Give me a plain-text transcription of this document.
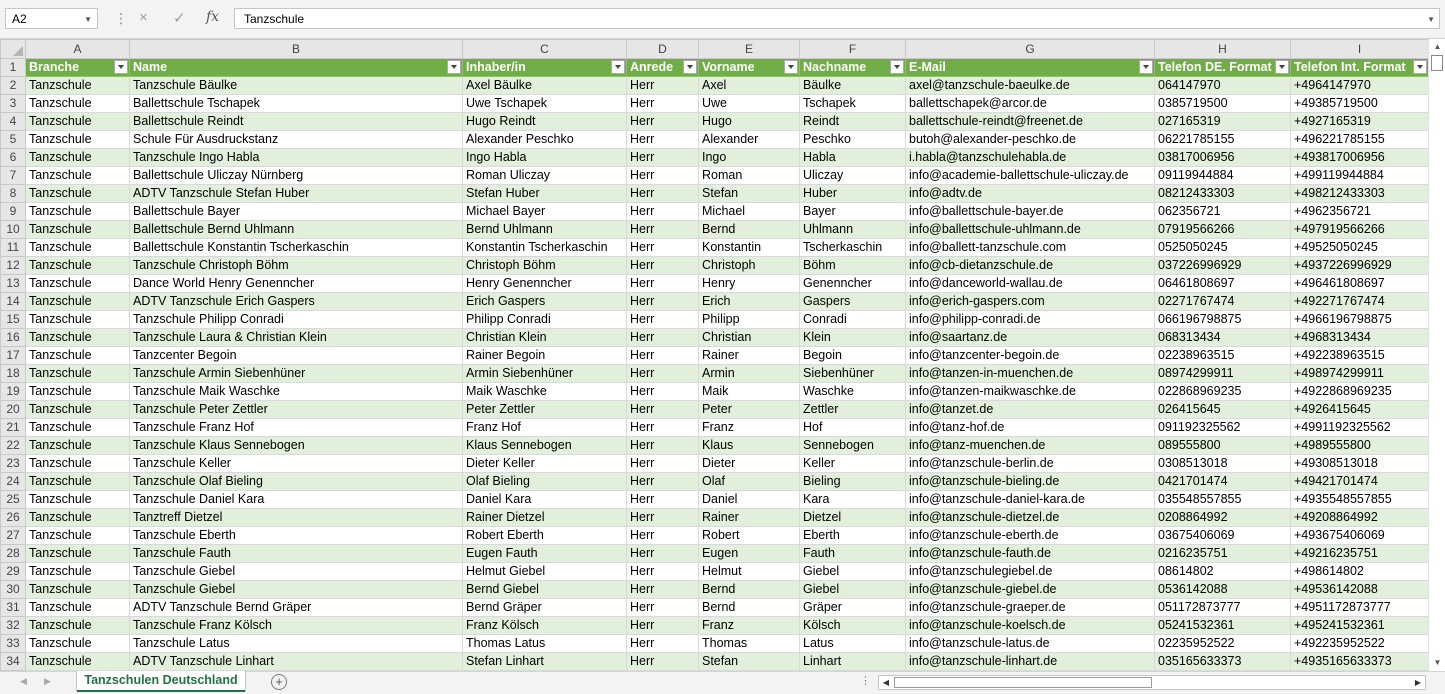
A2	▼ ⋮ × ✓ fx	Tanzschule	▼
	A	B	C	D	E	F	G	H	I
1	Branche	Name	Inhaber/in	Anrede	Vorname	Nachname	E-Mail	Telefon DE. Format	Telefon Int. Format

2	Tanzschule	Tanzschule Bäulke	Axel Bäulke	Herr	Axel	Bäulke	axel@tanzschule-baeulke.de	064147970	+4964147970
3	Tanzschule	Ballettschule Tschapek	Uwe Tschapek	Herr	Uwe	Tschapek	ballettschapek@arcor.de	0385719500	+49385719500
4	Tanzschule	Ballettschule Reindt	Hugo Reindt	Herr	Hugo	Reindt	ballettschule-reindt@freenet.de	027165319	+4927165319
5	Tanzschule	Schule Für Ausdruckstanz	Alexander Peschko	Herr	Alexander	Peschko	butoh@alexander-peschko.de	06221785155	+496221785155
6	Tanzschule	Tanzschule Ingo Habla	Ingo Habla	Herr	Ingo	Habla	i.habla@tanzschulehabla.de	03817006956	+493817006956
7	Tanzschule	Ballettschule Uliczay Nürnberg	Roman Uliczay	Herr	Roman	Uliczay	info@academie-ballettschule-uliczay.de	09119944884	+499119944884
8	Tanzschule	ADTV Tanzschule Stefan Huber	Stefan Huber	Herr	Stefan	Huber	info@adtv.de	08212433303	+498212433303
9	Tanzschule	Ballettschule Bayer	Michael Bayer	Herr	Michael	Bayer	info@ballettschule-bayer.de	062356721	+4962356721
10	Tanzschule	Ballettschule Bernd Uhlmann	Bernd Uhlmann	Herr	Bernd	Uhlmann	info@ballettschule-uhlmann.de	07919566266	+497919566266
11	Tanzschule	Ballettschule Konstantin Tscherkaschin	Konstantin Tscherkaschin	Herr	Konstantin	Tscherkaschin	info@ballett-tanzschule.com	0525050245	+49525050245
12	Tanzschule	Tanzschule Christoph Böhm	Christoph Böhm	Herr	Christoph	Böhm	info@cb-dietanzschule.de	037226996929	+4937226996929
13	Tanzschule	Dance World Henry Genenncher	Henry Genenncher	Herr	Henry	Genenncher	info@danceworld-wallau.de	06461808697	+496461808697
14	Tanzschule	ADTV Tanzschule Erich Gaspers	Erich Gaspers	Herr	Erich	Gaspers	info@erich-gaspers.com	02271767474	+492271767474
15	Tanzschule	Tanzschule Philipp Conradi	Philipp Conradi	Herr	Philipp	Conradi	info@philipp-conradi.de	066196798875	+4966196798875
16	Tanzschule	Tanzschule Laura & Christian Klein	Christian Klein	Herr	Christian	Klein	info@saartanz.de	068313434	+4968313434
17	Tanzschule	Tanzcenter Begoin	Rainer Begoin	Herr	Rainer	Begoin	info@tanzcenter-begoin.de	02238963515	+492238963515
18	Tanzschule	Tanzschule Armin Siebenhüner	Armin Siebenhüner	Herr	Armin	Siebenhüner	info@tanzen-in-muenchen.de	08974299911	+498974299911
19	Tanzschule	Tanzschule Maik Waschke	Maik Waschke	Herr	Maik	Waschke	info@tanzen-maikwaschke.de	022868969235	+4922868969235
20	Tanzschule	Tanzschule Peter Zettler	Peter Zettler	Herr	Peter	Zettler	info@tanzet.de	026415645	+4926415645
21	Tanzschule	Tanzschule Franz Hof	Franz Hof	Herr	Franz	Hof	info@tanz-hof.de	091192325562	+4991192325562
22	Tanzschule	Tanzschule Klaus Sennebogen	Klaus Sennebogen	Herr	Klaus	Sennebogen	info@tanz-muenchen.de	089555800	+4989555800
23	Tanzschule	Tanzschule Keller	Dieter Keller	Herr	Dieter	Keller	info@tanzschule-berlin.de	0308513018	+49308513018
24	Tanzschule	Tanzschule Olaf Bieling	Olaf Bieling	Herr	Olaf	Bieling	info@tanzschule-bieling.de	0421701474	+49421701474
25	Tanzschule	Tanzschule Daniel Kara	Daniel Kara	Herr	Daniel	Kara	info@tanzschule-daniel-kara.de	035548557855	+4935548557855
26	Tanzschule	Tanztreff Dietzel	Rainer Dietzel	Herr	Rainer	Dietzel	info@tanzschule-dietzel.de	0208864992	+49208864992
27	Tanzschule	Tanzschule Eberth	Robert Eberth	Herr	Robert	Eberth	info@tanzschule-eberth.de	03675406069	+493675406069
28	Tanzschule	Tanzschule Fauth	Eugen Fauth	Herr	Eugen	Fauth	info@tanzschule-fauth.de	0216235751	+49216235751
29	Tanzschule	Tanzschule Giebel	Helmut Giebel	Herr	Helmut	Giebel	info@tanzschulegiebel.de	08614802	+498614802
30	Tanzschule	Tanzschule Giebel	Bernd Giebel	Herr	Bernd	Giebel	info@tanzschule-giebel.de	0536142088	+49536142088
31	Tanzschule	ADTV Tanzschule Bernd Gräper	Bernd Gräper	Herr	Bernd	Gräper	info@tanzschule-graeper.de	051172873777	+4951172873777
32	Tanzschule	Tanzschule Franz Kölsch	Franz Kölsch	Herr	Franz	Kölsch	info@tanzschule-koelsch.de	05241532361	+495241532361
33	Tanzschule	Tanzschule Latus	Thomas Latus	Herr	Thomas	Latus	info@tanzschule-latus.de	02235952522	+492235952522
34	Tanzschule	ADTV Tanzschule Linhart	Stefan Linhart	Herr	Stefan	Linhart	info@tanzschule-linhart.de	035165633373	+4935165633373
▲
▼
◀ ▶	Tanzschulen Deutschland	+	⋮	◀	▶
